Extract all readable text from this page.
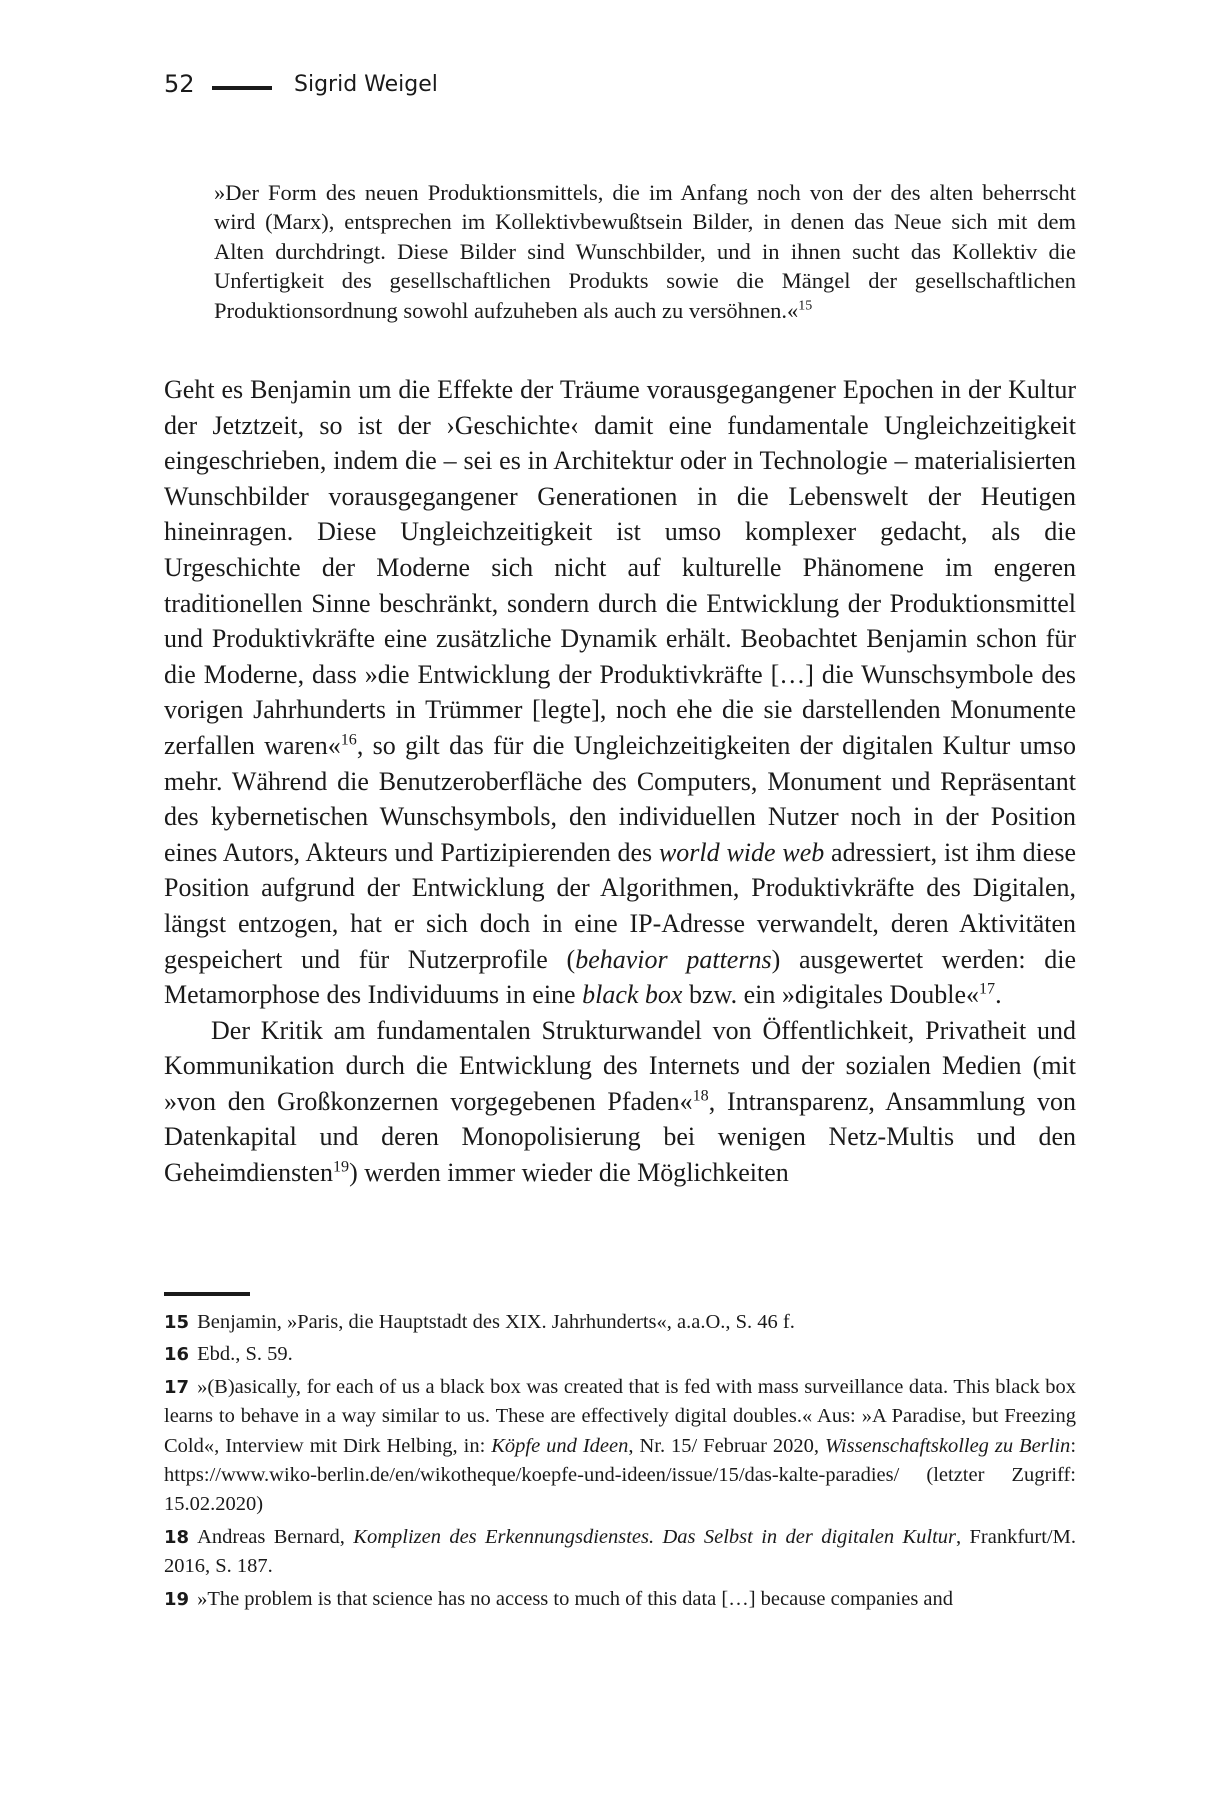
52	Sigrid Weigel
»Der Form des neuen Produktionsmittels, die im Anfang noch von der des alten beherrscht wird (Marx), entsprechen im Kollektivbewußtsein Bilder, in denen das Neue sich mit dem Alten durchdringt. Diese Bilder sind Wunschbilder, und in ihnen sucht das Kollektiv die Unfertigkeit des gesellschaftlichen Produkts sowie die Mängel der gesellschaftlichen Produktionsordnung sowohl aufzuheben als auch zu versöhnen.«$^{15}$

Geht es Benjamin um die Effekte der Träume vorausgegangener Epochen in der Kultur der Jetztzeit, so ist der ›Geschichte‹ damit eine fundamentale Ungleichzeitigkeit eingeschrieben, indem die – sei es in Architektur oder in Technologie – materialisierten Wunschbilder vorausgegangener Generationen in die Lebenswelt der Heutigen hineinragen. Diese Ungleichzeitigkeit ist umso komplexer gedacht, als die Urgeschichte der Moderne sich nicht auf kulturelle Phänomene im engeren traditionellen Sinne beschränkt, sondern durch die Entwicklung der Produktionsmittel und Produktivkräfte eine zusätzliche Dynamik erhält. Beobachtet Benjamin schon für die Moderne, dass »die Entwicklung der Produktivkräfte […] die Wunschsymbole des vorigen Jahrhunderts in Trümmer [legte], noch ehe die sie darstellenden Monumente zerfallen waren«$^{16}$, so gilt das für die Ungleichzeitigkeiten der digitalen Kultur umso mehr. Während die Benutzeroberfläche des Computers, Monument und Repräsentant des kybernetischen Wunschsymbols, den individuellen Nutzer noch in der Position eines Autors, Akteurs und Partizipierenden des world wide web adressiert, ist ihm diese Position aufgrund der Entwicklung der Algorithmen, Produktivkräfte des Digitalen, längst entzogen, hat er sich doch in eine IP-Adresse verwandelt, deren Aktivitäten gespeichert und für Nutzerprofile (behavior patterns) ausgewertet werden: die Metamorphose des Individuums in eine black box bzw. ein »digitales Double«$^{17}$.

Der Kritik am fundamentalen Strukturwandel von Öffentlichkeit, Privatheit und Kommunikation durch die Entwicklung des Internets und der sozialen Medien (mit »von den Großkonzernen vorgegebenen Pfaden«$^{18}$, Intransparenz, Ansammlung von Datenkapital und deren Monopolisierung bei wenigen Netz-Multis und den Geheimdiensten$^{19}$) werden immer wieder die Möglichkeiten

15 Benjamin, »Paris, die Hauptstadt des XIX. Jahrhunderts«, a.a.O., S. 46 f.

16 Ebd., S. 59.

17 »(B)asically, for each of us a black box was created that is fed with mass surveillance data. This black box learns to behave in a way similar to us. These are effectively digital doubles.« Aus: »A Paradise, but Freezing Cold«, Interview mit Dirk Helbing, in: Köpfe und Ideen, Nr. 15/ Februar 2020, Wissenschaftskolleg zu Berlin: https://www.wiko-berlin.de/en/wikotheque/koepfe-und-ideen/issue/15/das-kalte-paradies/ (letzter Zugriff: 15.02.2020)

18 Andreas Bernard, Komplizen des Erkennungsdienstes. Das Selbst in der digitalen Kultur, Frankfurt/M. 2016, S. 187.

19 »The problem is that science has no access to much of this data […] because companies and
